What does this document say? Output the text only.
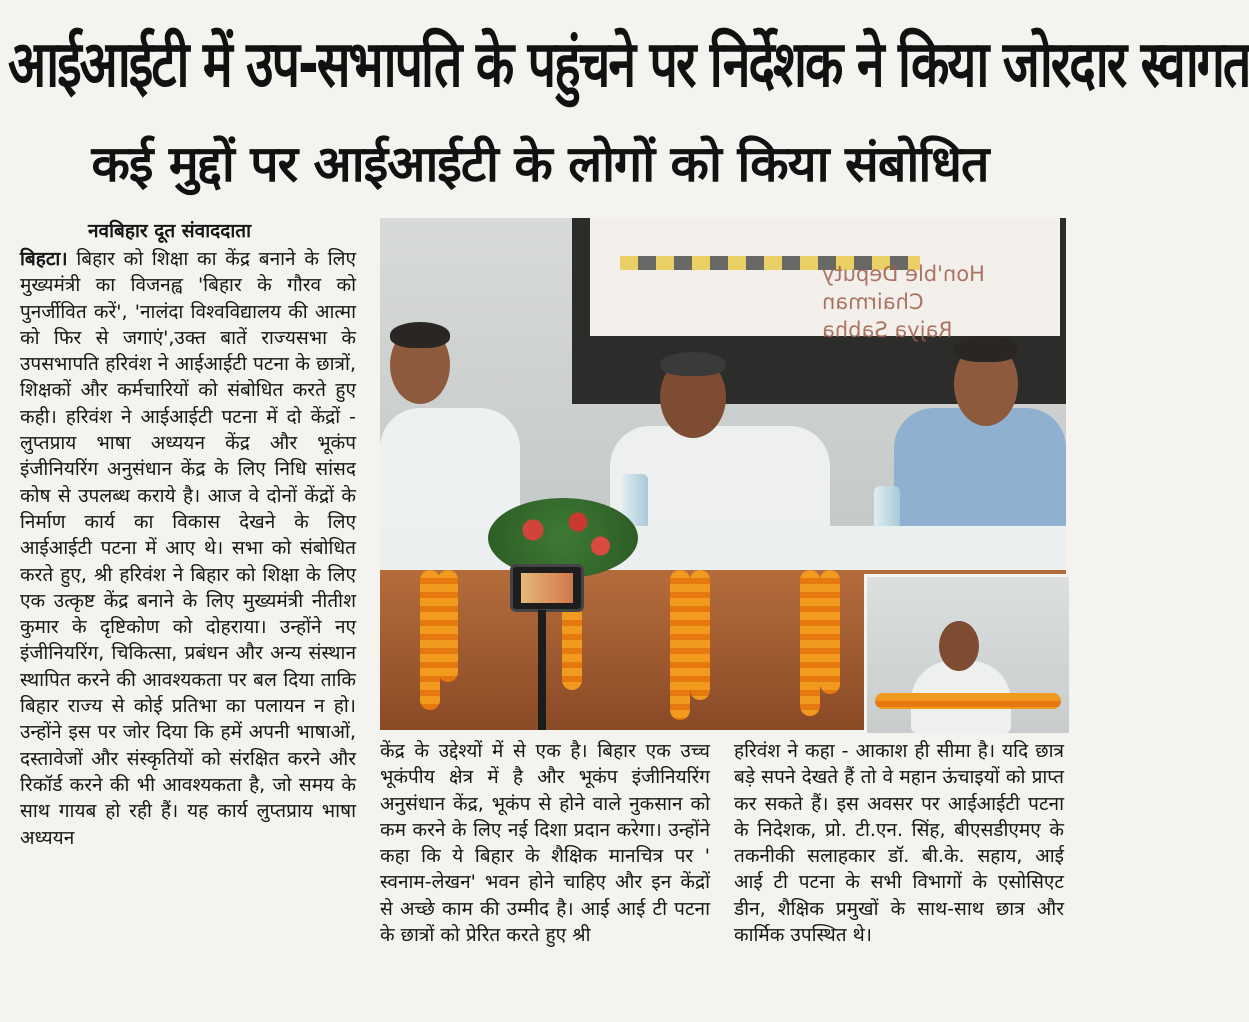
आईआईटी में उप-सभापति के पहुंचने पर निर्देशक ने किया जोरदार स्वागत
कई मुद्दों पर आईआईटी के लोगों को किया संबोधित
नवबिहार दूत संवाददाता

बिहटा। बिहार को शिक्षा का केंद्र बनाने के लिए मुख्यमंत्री का विजनह्व 'बिहार के गौरव को पुनर्जीवित करें', 'नालंदा विश्वविद्यालय की आत्मा को फिर से जगाएं',उक्त बातें राज्यसभा के उपसभापति हरिवंश ने आईआईटी पटना के छात्रों, शिक्षकों और कर्मचारियों को संबोधित करते हुए कही। हरिवंश ने आईआईटी पटना में दो केंद्रों - लुप्तप्राय भाषा अध्ययन केंद्र और भूकंप इंजीनियरिंग अनुसंधान केंद्र के लिए निधि सांसद कोष से उपलब्ध कराये है। आज वे दोनों केंद्रों के निर्माण कार्य का विकास देखने के लिए आईआईटी पटना में आए थे। सभा को संबोधित करते हुए, श्री हरिवंश ने बिहार को शिक्षा के लिए एक उत्कृष्ट केंद्र बनाने के लिए मुख्यमंत्री नीतीश कुमार के दृष्टिकोण को दोहराया। उन्होंने नए इंजीनियरिंग, चिकित्सा, प्रबंधन और अन्य संस्थान स्थापित करने की आवश्यकता पर बल दिया ताकि बिहार राज्य से कोई प्रतिभा का पलायन न हो। उन्होंने इस पर जोर दिया कि हमें अपनी भाषाओं, दस्तावेजों और संस्कृतियों को संरक्षित करने और रिकॉर्ड करने की भी आवश्यकता है, जो समय के साथ गायब हो रही हैं। यह कार्य लुप्तप्राय भाषा अध्ययन

Hon'ble Deputy Chairman
Rajya Sabha

केंद्र के उद्देश्यों में से एक है। बिहार एक उच्च भूकंपीय क्षेत्र में है और भूकंप इंजीनियरिंग अनुसंधान केंद्र, भूकंप से होने वाले नुकसान को कम करने के लिए नई दिशा प्रदान करेगा। उन्होंने कहा कि ये बिहार के शैक्षिक मानचित्र पर ' स्वनाम-लेखन' भवन होने चाहिए और इन केंद्रों से अच्छे काम की उम्मीद है। आई आई टी पटना के छात्रों को प्रेरित करते हुए श्री

हरिवंश ने कहा - आकाश ही सीमा है। यदि छात्र बड़े सपने देखते हैं तो वे महान ऊंचाइयों को प्राप्त कर सकते हैं। इस अवसर पर आईआईटी पटना के निदेशक, प्रो. टी.एन. सिंह, बीएसडीएमए के तकनीकी सलाहकार डॉ. बी.के. सहाय, आई आई टी पटना के सभी विभागों के एसोसिएट डीन, शैक्षिक प्रमुखों के साथ-साथ छात्र और कार्मिक उपस्थित थे।
